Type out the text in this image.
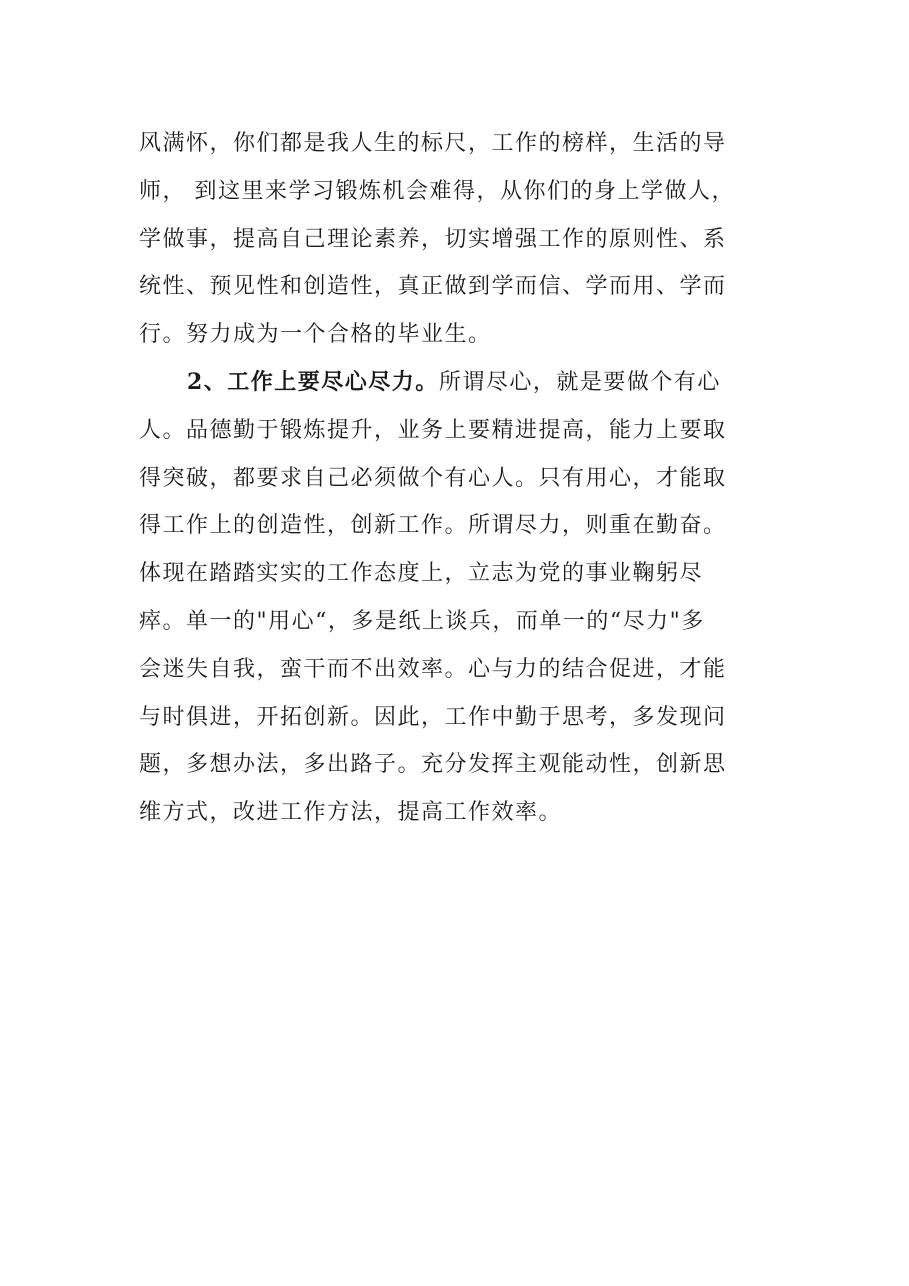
风满怀，你们都是我人生的标尺，工作的榜样，生活的导
师， 到这里来学习锻炼机会难得，从你们的身上学做人，
学做事，提高自己理论素养，切实增强工作的原则性、系
统性、预见性和创造性，真正做到学而信、学而用、学而
行。努力成为一个合格的毕业生。
2、工作上要尽心尽力。所谓尽心，就是要做个有心
人。品德勤于锻炼提升，业务上要精进提高，能力上要取
得突破，都要求自己必须做个有心人。只有用心，才能取
得工作上的创造性，创新工作。所谓尽力，则重在勤奋。
体现在踏踏实实的工作态度上，立志为党的事业鞠躬尽
瘁。单一的"用心“，多是纸上谈兵，而单一的“尽力"多
会迷失自我，蛮干而不出效率。心与力的结合促进，才能
与时俱进，开拓创新。因此，工作中勤于思考，多发现问
题，多想办法，多出路子。充分发挥主观能动性，创新思
维方式，改进工作方法，提高工作效率。
